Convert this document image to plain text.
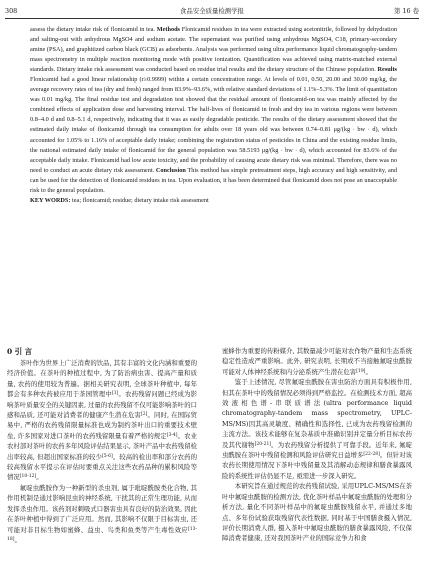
308	食品安全质量检测学报	第 16 卷

assess the dietary intake risk of flonicamid in tea. Methods Flonicamid residues in tea were extracted using acetonitrile, followed by dehydration and salting-out with anhydrous MgSO4 and sodium acetate. The supernatant was purified using anhydrous MgSO4, C18, primary-secondary amine (PSA), and graphitized carbon black (GCB) as adsorbents. Analysis was performed using ultra performance liquid chromatography-tandem mass spectrometry in multiple reaction monitoring mode with positive ionization. Quantification was achieved using matrix-matched external standards. Dietary intake risk assessment was conducted based on residue trial results and the dietary structure of the Chinese population. Results Flonicamid had a good linear relationship (r≥0.9999) within a certain concentration range. At levels of 0.01, 0.50, 20.00 and 30.00 mg/kg, the average recovery rates of tea (dry and fresh) ranged from 83.9%–93.6%, with relative standard deviations of 1.1%–5.3%. The limit of quantitation was 0.01 mg/kg. The final residue test and degradation test showed that the residual amount of flonicamid-on tea was mainly affected by the combined effects of application dose and harvesting interval. The half-lives of flonicamid in fresh and dry tea in various regions were between 0.8–4.0 d and 0.8–5.1 d, respectively, indicating that it was as easily degradable pesticide. The results of the dietary assessment showed that the estimated daily intake of flonicamid through tea consumption for adults over 18 years old was between 0.74–0.81 μg/(kg · bw · d), which accounted for 1.05% to 1.16% of acceptable daily intake; combining the registration status of pesticides in China and the existing residue limits, the national estimated daily intake of flonicamid for the general population was 58.5193 μg/(kg · bw · d), which accounted for 83.6% of the acceptable daily intake. Flonicamid had low acute toxicity, and the probability of causing acute dietary risk was minimal. Therefore, there was no need to conduct an acute dietary risk assessment. Conclusion This method has simple pretreatment steps, high accuracy and high sensitivity, and can be used for the detection of flonicamid residues in tea. Upon evaluation, it has been determined that flonicamid does not pose an unacceptable risk to the general population.

KEY WORDS: tea; flonicamid; residue; dietary intake risk assessment

0 引 言

茶叶作为世界上广泛消费的饮品, 其有丰富的文化内涵和重要的经济价值。在茶叶的种植过程中, 为了防治病虫害、提高产量和质量, 农药的使用较为普遍。据相关研究表明, 全球茶叶种植中, 每年都会有多种农药被应用于茶园管理中[1]。农药残留问题已经成为影响茶叶质量安全的关键因素, 过量的农药残留不仅可能影响茶叶的口感和品质, 还可能对消费者的健康产生潜在危害[2]。同时, 在国际贸易中, 严格的农药残留限量标准也成为制约茶叶出口的重要技术壁垒, 许多国家对进口茶叶的农药残留限量有着严格的规定[3-4]。农业农村部对茶叶的农药多年风险评估结果显示, 茶叶产品中农药残留检出率较高, 但超出国家标准的较少[5-6]。较高的检出率和部分农药的较高残留水平提示在评估时要重点关注这些农药品种的累积风险等情况[10-12]。

氟啶虫酰胺作为一种新型的杀虫剂, 属于吡啶酰胺类化合物, 其作用机制是通过影响昆虫的神经系统, 干扰其的正常生理功能, 从而发挥杀虫作用。该药剂对刺吸式口器害虫具有良好的防治效果, 因此在茶叶种植中得到了广泛应用。然而, 其影响不仅限于目标害虫, 还可能对非目标生物如蜜蜂、益虫、鸟类和鱼类等产生毒性效应[13-18]。

蜜蜂作为重要的传粉媒介, 其数量减少可能对农作物产量和生态系统稳定性造成严重影响。此外, 研究表明, 长期或不当接触氟啶虫酰胺可能对人体神经系统和内分泌系统产生潜在危害[19]。

鉴于上述情况, 尽管氟啶虫酰胺在害虫防治方面具有积极作用, 但其在茶叶中的残留情况必须得到严格监控。在检测技术方面, 超高效液相色谱-串联质谱法(ultra performance liquid chromatography-tandem mass spectrometry, UPLC-MS/MS)因其高灵敏度、精确性和选择性, 已成为农药残留检测的主流方法。该技术能够在复杂基质中准确识别并定量分析目标农药及其代谢物[20-21]。为农药残留分析提供了可靠手段。近年来, 氟啶虫酰胺在茶叶中残留检测和风险评估研究日益增多[22-28]。但针对该农药长期使用情况下茶叶中残留量及其消解动态规律和膳食暴露风险的系统性评估仍显不足, 亟需进一步深入研究。

本研究旨在通过规范的农药残留试验, 采用UPLC-MS/MS在茶叶中氟啶虫酰胺的检测方法, 优化茶叶样品中氟啶虫酰胺的处理和分析方法, 量化不同茶叶样品中的氟啶虫酰胺残留水平, 并通过多地点、多年份试验获取残留代表性数据, 同时基于中国膳食摄入情况, 评价长期消费人群, 摄入茶叶中氟啶虫酰胺的膳食暴露风险, 不仅保障消费者健康, 还对我国茶叶产业的国际竞争力和食
